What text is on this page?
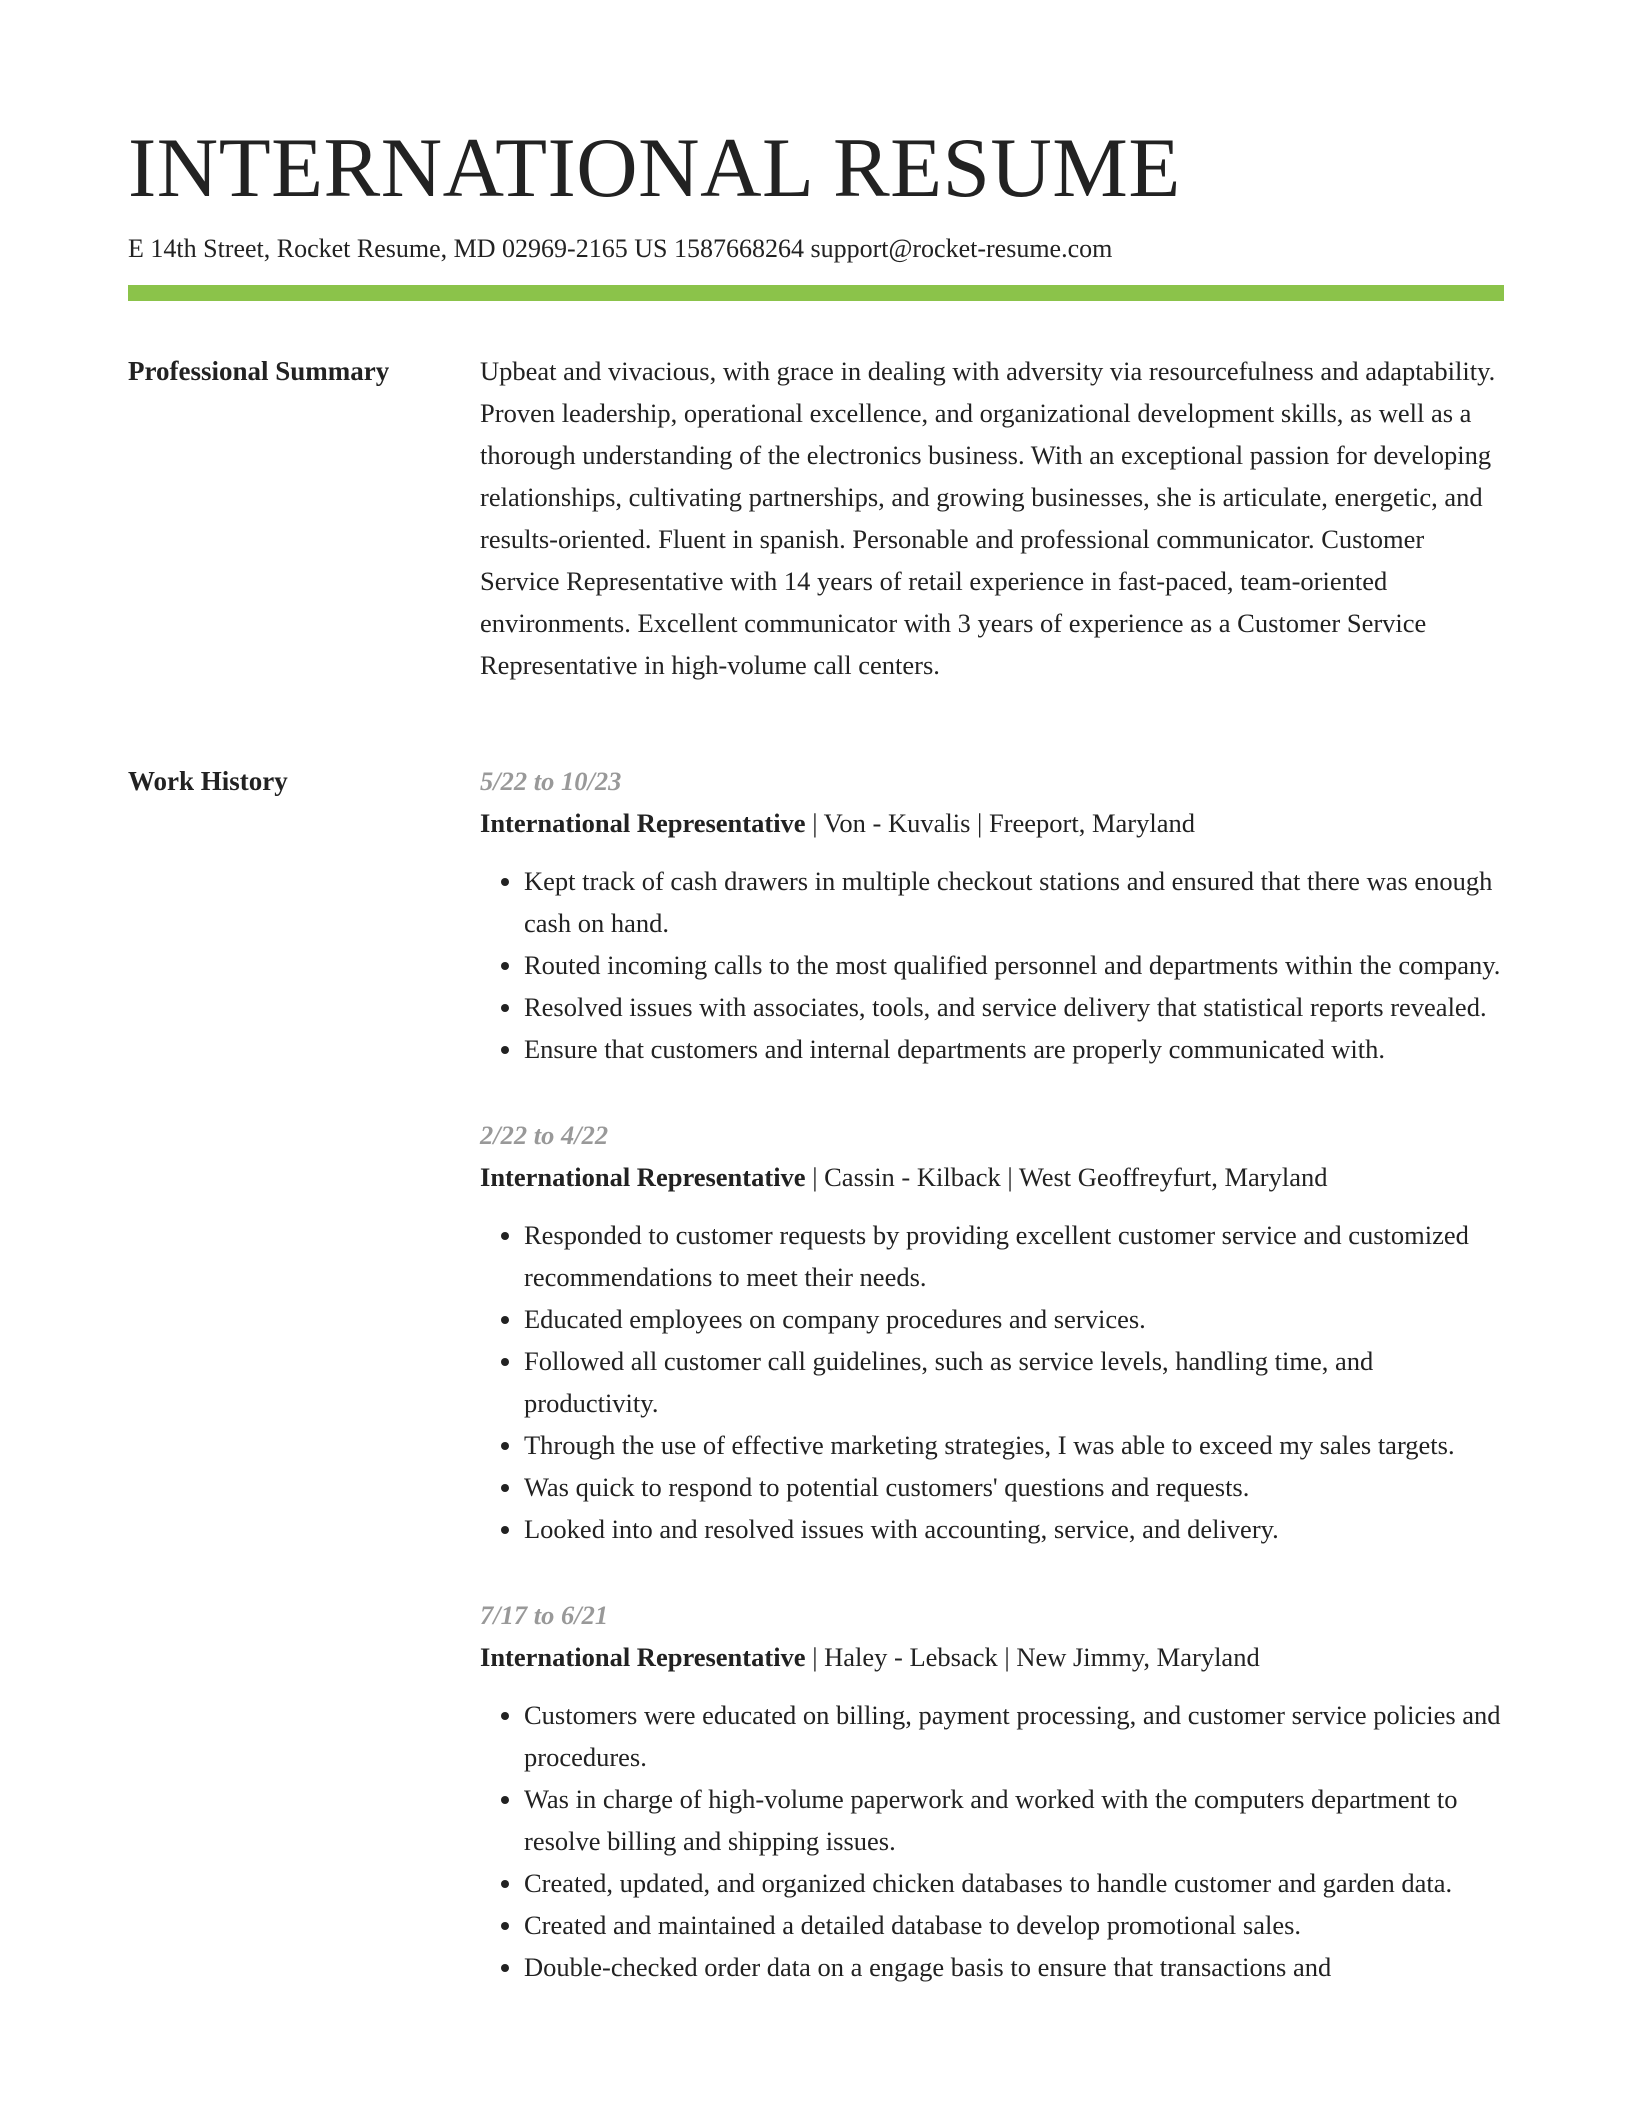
INTERNATIONAL RESUME
E 14th Street, Rocket Resume, MD 02969-2165 US 1587668264 support@rocket-resume.com
Professional Summary	Upbeat and vivacious, with grace in dealing with adversity via resourcefulness and adaptability. Proven leadership, operational excellence, and organizational development skills, as well as a thorough understanding of the electronics business. With an exceptional passion for developing relationships, cultivating partnerships, and growing businesses, she is articulate, energetic, and results-oriented. Fluent in spanish. Personable and professional communicator. Customer Service Representative with 14 years of retail experience in fast-paced, team-oriented environments. Excellent communicator with 3 years of experience as a Customer Service Representative in high-volume call centers.

Work History	5/22 to 10/23
International Representative | Von - Kuvalis | Freeport, Maryland
• Kept track of cash drawers in multiple checkout stations and ensured that there was enough cash on hand.
• Routed incoming calls to the most qualified personnel and departments within the company.
• Resolved issues with associates, tools, and service delivery that statistical reports revealed.
• Ensure that customers and internal departments are properly communicated with.
2/22 to 4/22
International Representative | Cassin - Kilback | West Geoffreyfurt, Maryland
• Responded to customer requests by providing excellent customer service and customized recommendations to meet their needs.
• Educated employees on company procedures and services.
• Followed all customer call guidelines, such as service levels, handling time, and productivity.
• Through the use of effective marketing strategies, I was able to exceed my sales targets.
• Was quick to respond to potential customers' questions and requests.
• Looked into and resolved issues with accounting, service, and delivery.
7/17 to 6/21
International Representative | Haley - Lebsack | New Jimmy, Maryland
• Customers were educated on billing, payment processing, and customer service policies and procedures.
• Was in charge of high-volume paperwork and worked with the computers department to resolve billing and shipping issues.
• Created, updated, and organized chicken databases to handle customer and garden data.
• Created and maintained a detailed database to develop promotional sales.
• Double-checked order data on a engage basis to ensure that transactions and
